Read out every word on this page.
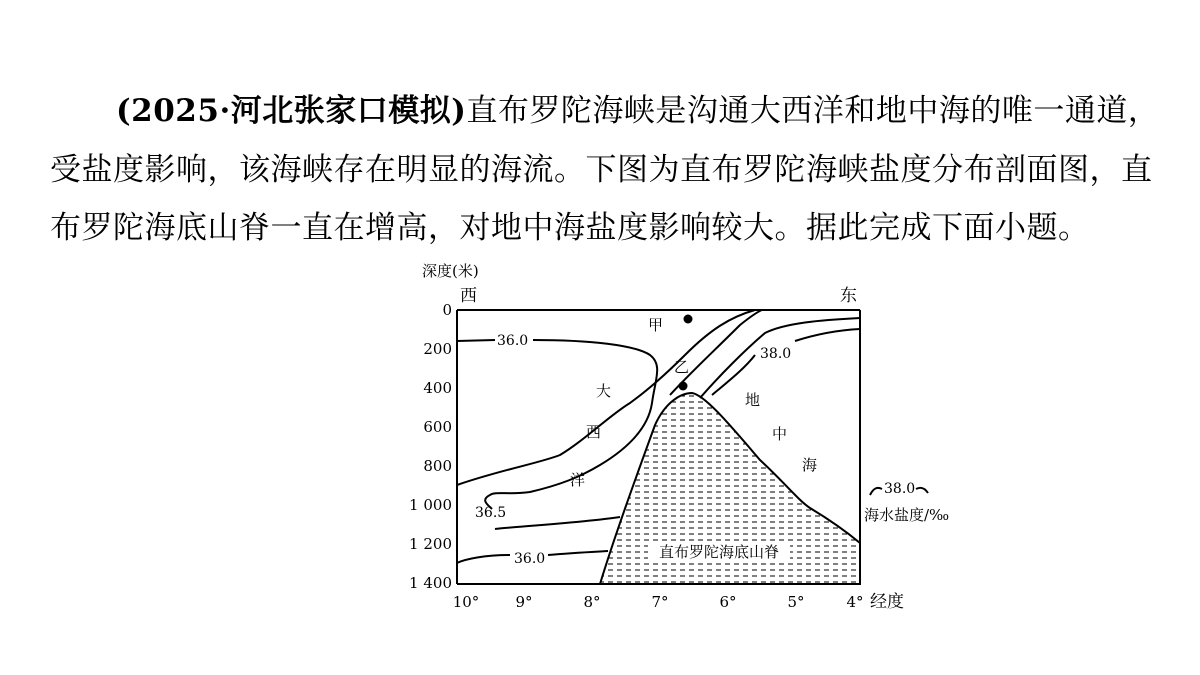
(2025·河北张家口模拟)直布罗陀海峡是沟通大西洋和地中海的唯一通道，受盐度影响，该海峡存在明显的海流。下图为直布罗陀海峡盐度分布剖面图，直布罗陀海底山脊一直在增高，对地中海盐度影响较大。据此完成下面小题。

深度(米)
西	东
0
200
400
600
800
1 000
1 200
1 400
10° 9°	8°	7°	6°	5°	4° 经度
甲
乙
大
西
洋
地
中
海
36.0
38.0
36.5
36.0	直布罗陀海底山脊
38.0
海水盐度/‰
